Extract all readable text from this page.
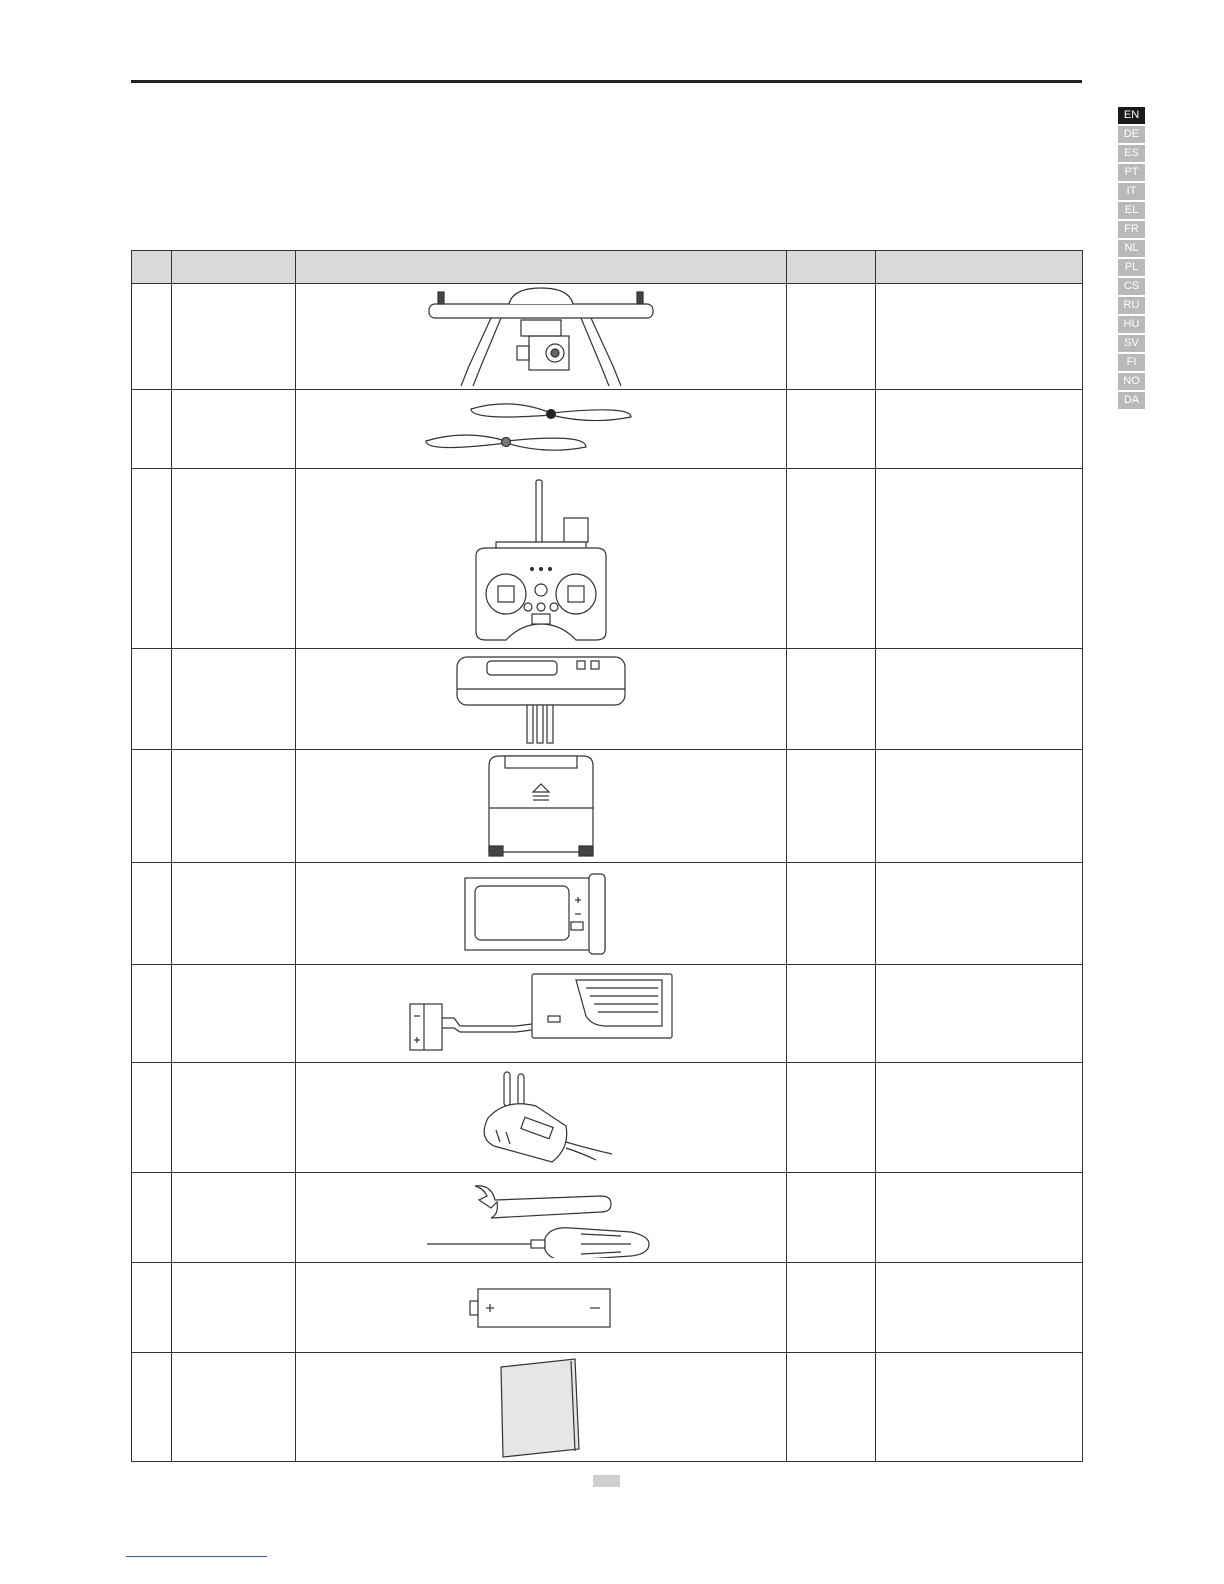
EN
DE
ES
PT
IT
EL
FR
NL
PL
CS
RU
HU
SV
FI
NO
DA
